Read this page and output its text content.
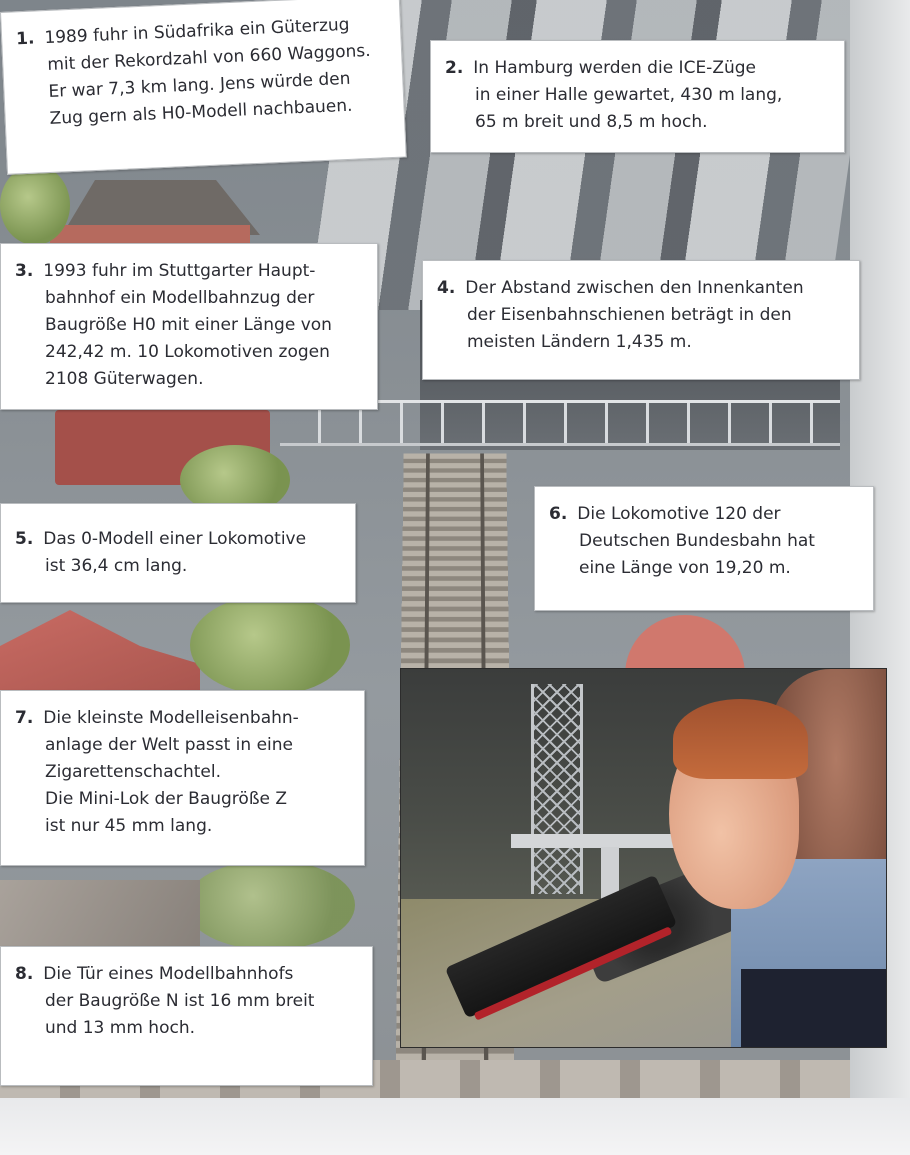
1. 1989 fuhr in Südafrika ein Güterzug
mit der Rekordzahl von 660 Waggons.
Er war 7,3 km lang. Jens würde den
Zug gern als H0-Modell nachbauen.
2. In Hamburg werden die ICE-Züge
in einer Halle gewartet, 430 m lang,
65 m breit und 8,5 m hoch.
3. 1993 fuhr im Stuttgarter Haupt-
bahnhof ein Modellbahnzug der
Baugröße H0 mit einer Länge von
242,42 m. 10 Lokomotiven zogen
2108 Güterwagen.
4. Der Abstand zwischen den Innenkanten
der Eisenbahnschienen beträgt in den
meisten Ländern 1,435 m.
5. Das 0-Modell einer Lokomotive
ist 36,4 cm lang.
6. Die Lokomotive 120 der
Deutschen Bundesbahn hat
eine Länge von 19,20 m.
7. Die kleinste Modelleisenbahn-
anlage der Welt passt in eine
Zigarettenschachtel.
Die Mini-Lok der Baugröße Z
ist nur 45 mm lang.
8. Die Tür eines Modellbahnhofs
der Baugröße N ist 16 mm breit
und 13 mm hoch.
